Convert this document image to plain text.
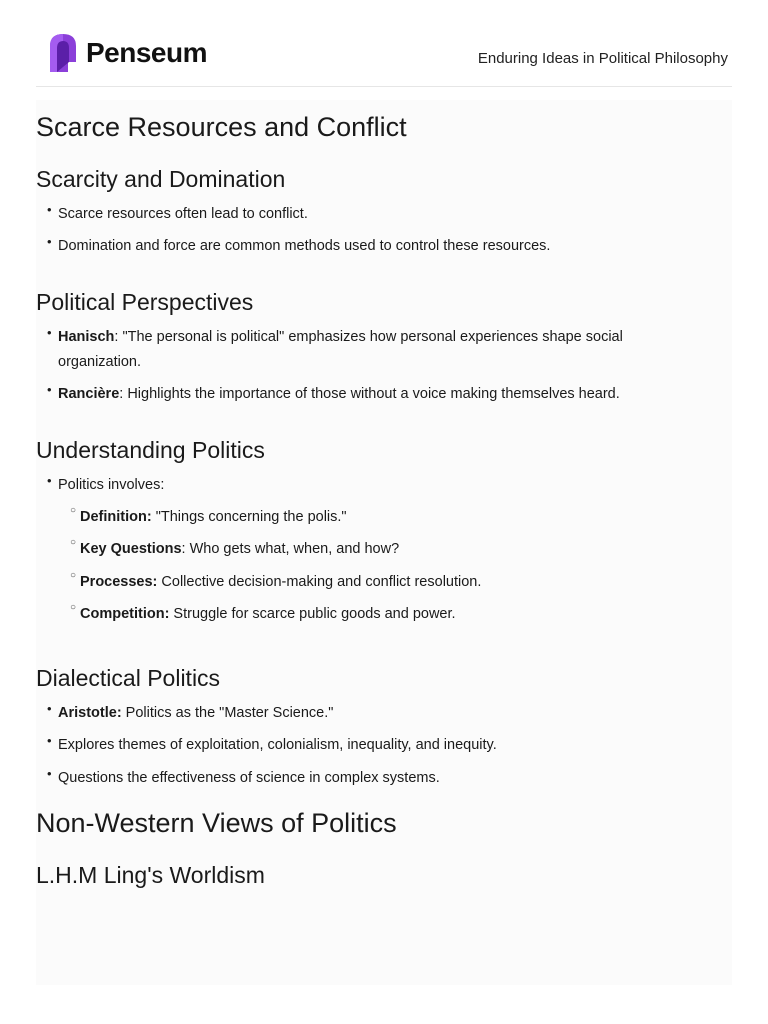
Penseum	Enduring Ideas in Political Philosophy
Scarce Resources and Conflict
Scarcity and Domination
• Scarce resources often lead to conflict.
• Domination and force are common methods used to control these resources.
Political Perspectives
• Hanisch: "The personal is political" emphasizes how personal experiences shape social organization.
• Rancière: Highlights the importance of those without a voice making themselves heard.
Understanding Politics
• Politics involves:
○ Definition: "Things concerning the polis."
○ Key Questions: Who gets what, when, and how?
○ Processes: Collective decision-making and conflict resolution.
○ Competition: Struggle for scarce public goods and power.
Dialectical Politics
• Aristotle: Politics as the "Master Science."
• Explores themes of exploitation, colonialism, inequality, and inequity.
• Questions the effectiveness of science in complex systems.
Non-Western Views of Politics
L.H.M Ling's Worldism
